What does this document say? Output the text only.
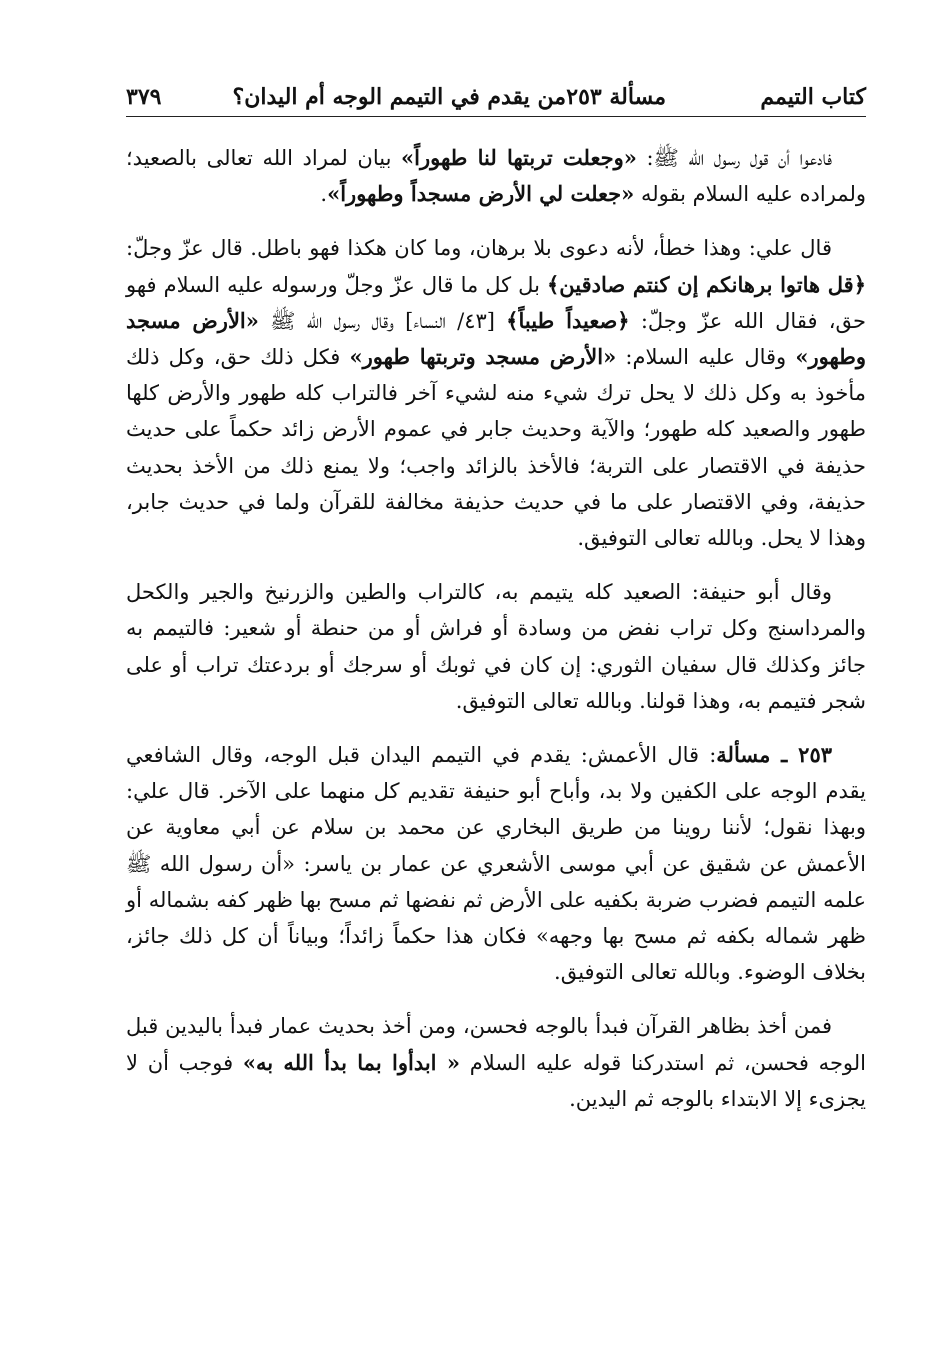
كتاب التيمم
مسألة ٢٥٣
من يقدم في التيمم الوجه أم اليدان؟
٣٧٩

فادعوا أن قول رسول الله ﷺ: «وجعلت تربتها لنا طهوراً» بيان لمراد الله تعالى بالصعيد؛ ولمراده عليه السلام بقوله «جعلت لي الأرض مسجداً وطهوراً».

قال علي: وهذا خطأ، لأنه دعوى بلا برهان، وما كان هكذا فهو باطل. قال عزّ وجلّ: ﴿قل هاتوا برهانكم إن كنتم صادقين﴾ بل كل ما قال عزّ وجلّ ورسوله عليه السلام فهو حق، فقال الله عزّ وجلّ: ﴿صعيداً طيباً﴾ [٤٣/ النساء] وقال رسول الله ﷺ «الأرض مسجد وطهور» وقال عليه السلام: «الأرض مسجد وتربتها طهور» فكل ذلك حق، وكل ذلك مأخوذ به وكل ذلك لا يحل ترك شيء منه لشيء آخر فالتراب كله طهور والأرض كلها طهور والصعيد كله طهور؛ والآية وحديث جابر في عموم الأرض زائد حكماً على حديث حذيفة في الاقتصار على التربة؛ فالأخذ بالزائد واجب؛ ولا يمنع ذلك من الأخذ بحديث حذيفة، وفي الاقتصار على ما في حديث حذيفة مخالفة للقرآن ولما في حديث جابر، وهذا لا يحل. وبالله تعالى التوفيق.

وقال أبو حنيفة: الصعيد كله يتيمم به، كالتراب والطين والزرنيخ والجير والكحل والمرداسنج وكل تراب نفض من وسادة أو فراش أو من حنطة أو شعير: فالتيمم به جائز وكذلك قال سفيان الثوري: إن كان في ثوبك أو سرجك أو بردعتك تراب أو على شجر فتيمم به، وهذا قولنا. وبالله تعالى التوفيق.

٢٥٣ ـ مسألة: قال الأعمش: يقدم في التيمم اليدان قبل الوجه، وقال الشافعي يقدم الوجه على الكفين ولا بد، وأباح أبو حنيفة تقديم كل منهما على الآخر. قال علي: وبهذا نقول؛ لأننا روينا من طريق البخاري عن محمد بن سلام عن أبي معاوية عن الأعمش عن شقيق عن أبي موسى الأشعري عن عمار بن ياسر: «أن رسول الله ﷺ علمه التيمم فضرب ضربة بكفيه على الأرض ثم نفضها ثم مسح بها ظهر كفه بشماله أو ظهر شماله بكفه ثم مسح بها وجهه» فكان هذا حكماً زائداً؛ وبياناً أن كل ذلك جائز، بخلاف الوضوء. وبالله تعالى التوفيق.

فمن أخذ بظاهر القرآن فبدأ بالوجه فحسن، ومن أخذ بحديث عمار فبدأ باليدين قبل الوجه فحسن، ثم استدركنا قوله عليه السلام « ابدأوا بما بدأ الله به» فوجب أن لا يجزىء إلا الابتداء بالوجه ثم اليدين.
